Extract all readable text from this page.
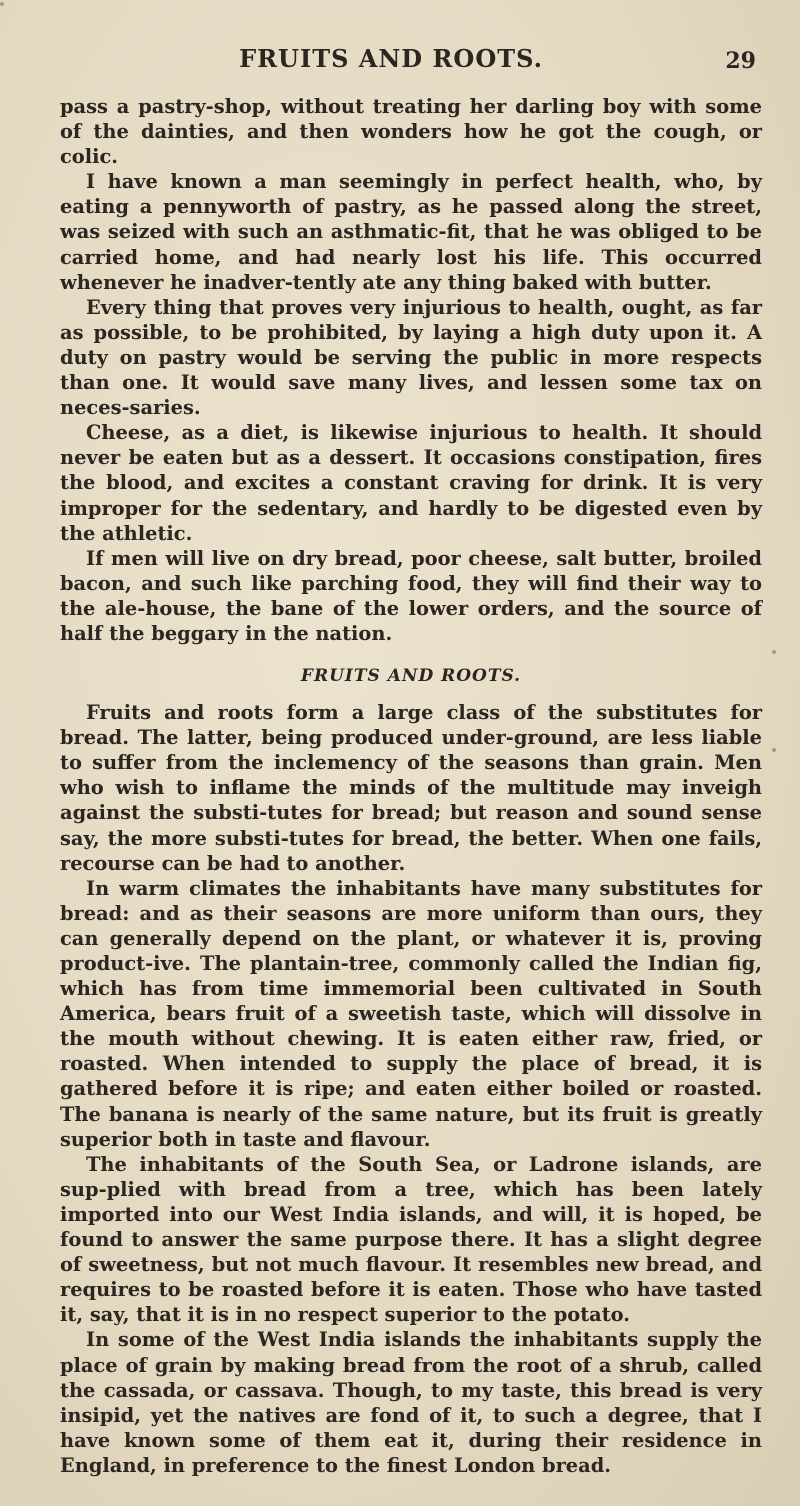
FRUITS AND ROOTS.	29

pass a pastry-shop, without treating her darling boy with some of the dainties, and then wonders how he got the cough, or colic.

I have known a man seemingly in perfect health, who, by eating a pennyworth of pastry, as he passed along the street, was seized with such an asthmatic-fit, that he was obliged to be carried home, and had nearly lost his life. This occurred whenever he inadver-tently ate any thing baked with butter.

Every thing that proves very injurious to health, ought, as far as possible, to be prohibited, by laying a high duty upon it. A duty on pastry would be serving the public in more respects than one. It would save many lives, and lessen some tax on neces-saries.

Cheese, as a diet, is likewise injurious to health. It should never be eaten but as a dessert. It occasions constipation, fires the blood, and excites a constant craving for drink. It is very improper for the sedentary, and hardly to be digested even by the athletic.

If men will live on dry bread, poor cheese, salt butter, broiled bacon, and such like parching food, they will find their way to the ale-house, the bane of the lower orders, and the source of half the beggary in the nation.

FRUITS AND ROOTS.

Fruits and roots form a large class of the substitutes for bread. The latter, being produced under-ground, are less liable to suffer from the inclemency of the seasons than grain. Men who wish to inflame the minds of the multitude may inveigh against the substi-tutes for bread; but reason and sound sense say, the more substi-tutes for bread, the better. When one fails, recourse can be had to another.

In warm climates the inhabitants have many substitutes for bread: and as their seasons are more uniform than ours, they can generally depend on the plant, or whatever it is, proving product-ive. The plantain-tree, commonly called the Indian fig, which has from time immemorial been cultivated in South America, bears fruit of a sweetish taste, which will dissolve in the mouth without chewing. It is eaten either raw, fried, or roasted. When intended to supply the place of bread, it is gathered before it is ripe; and eaten either boiled or roasted. The banana is nearly of the same nature, but its fruit is greatly superior both in taste and flavour.

The inhabitants of the South Sea, or Ladrone islands, are sup-plied with bread from a tree, which has been lately imported into our West India islands, and will, it is hoped, be found to answer the same purpose there. It has a slight degree of sweetness, but not much flavour. It resembles new bread, and requires to be roasted before it is eaten. Those who have tasted it, say, that it is in no respect superior to the potato.

In some of the West India islands the inhabitants supply the place of grain by making bread from the root of a shrub, called the cassada, or cassava. Though, to my taste, this bread is very insipid, yet the natives are fond of it, to such a degree, that I have known some of them eat it, during their residence in England, in preference to the finest London bread.
